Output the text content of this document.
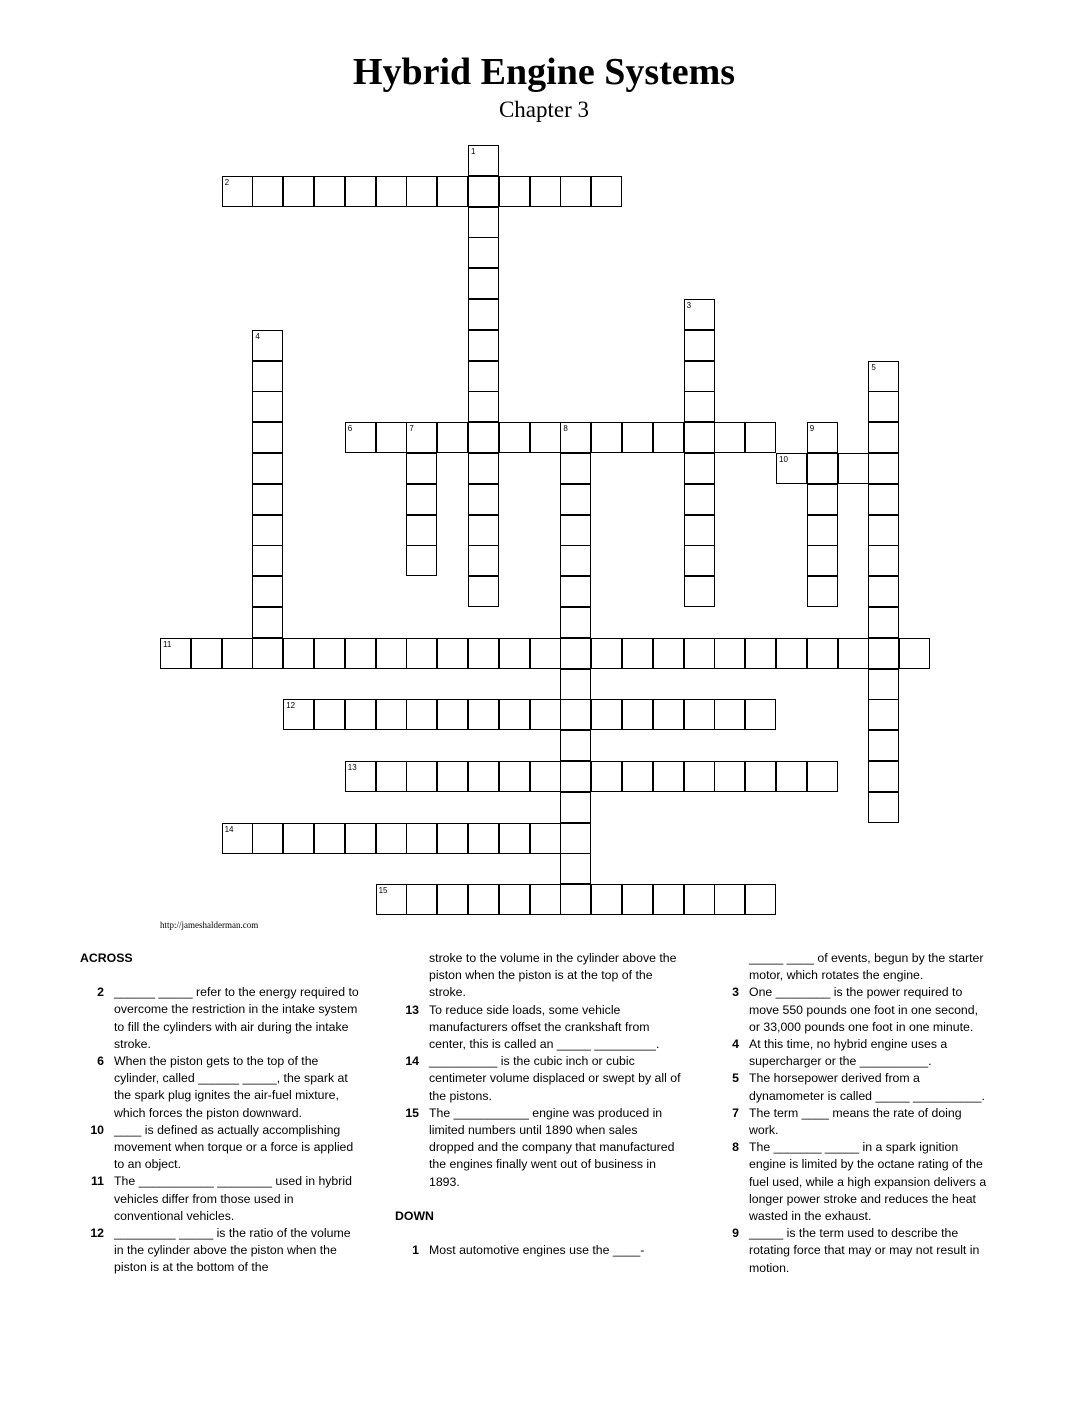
Hybrid Engine Systems
Chapter 3
1
2
3
4
5
6	7	8	9
10
11
12
13
14
15
http://jameshalderman.com
ACROSS
2 ______ _____ refer to the energy required to overcome the restriction in the intake system to fill the cylinders with air during the intake stroke.
6 When the piston gets to the top of the cylinder, called ______ _____, the spark at the spark plug ignites the air-fuel mixture, which forces the piston downward.
10 ____ is defined as actually accomplishing movement when torque or a force is applied to an object.
11 The ___________ ________ used in hybrid vehicles differ from those used in conventional vehicles.
12 _________ _____ is the ratio of the volume in the cylinder above the piston when the piston is at the bottom of the
stroke to the volume in the cylinder above the piston when the piston is at the top of the stroke.
13 To reduce side loads, some vehicle manufacturers offset the crankshaft from center, this is called an _____ _________.
14 __________ is the cubic inch or cubic centimeter volume displaced or swept by all of the pistons.
15 The ___________ engine was produced in limited numbers until 1890 when sales dropped and the company that manufactured the engines finally went out of business in 1893.
DOWN
1 Most automotive engines use the ____-
_____ ____ of events, begun by the starter motor, which rotates the engine.
3 One ________ is the power required to move 550 pounds one foot in one second, or 33,000 pounds one foot in one minute.
4 At this time, no hybrid engine uses a supercharger or the __________.
5 The horsepower derived from a dynamometer is called _____ __________.
7 The term ____ means the rate of doing work.
8 The _______ _____ in a spark ignition engine is limited by the octane rating of the fuel used, while a high expansion delivers a longer power stroke and reduces the heat wasted in the exhaust.
9 _____ is the term used to describe the rotating force that may or may not result in motion.
